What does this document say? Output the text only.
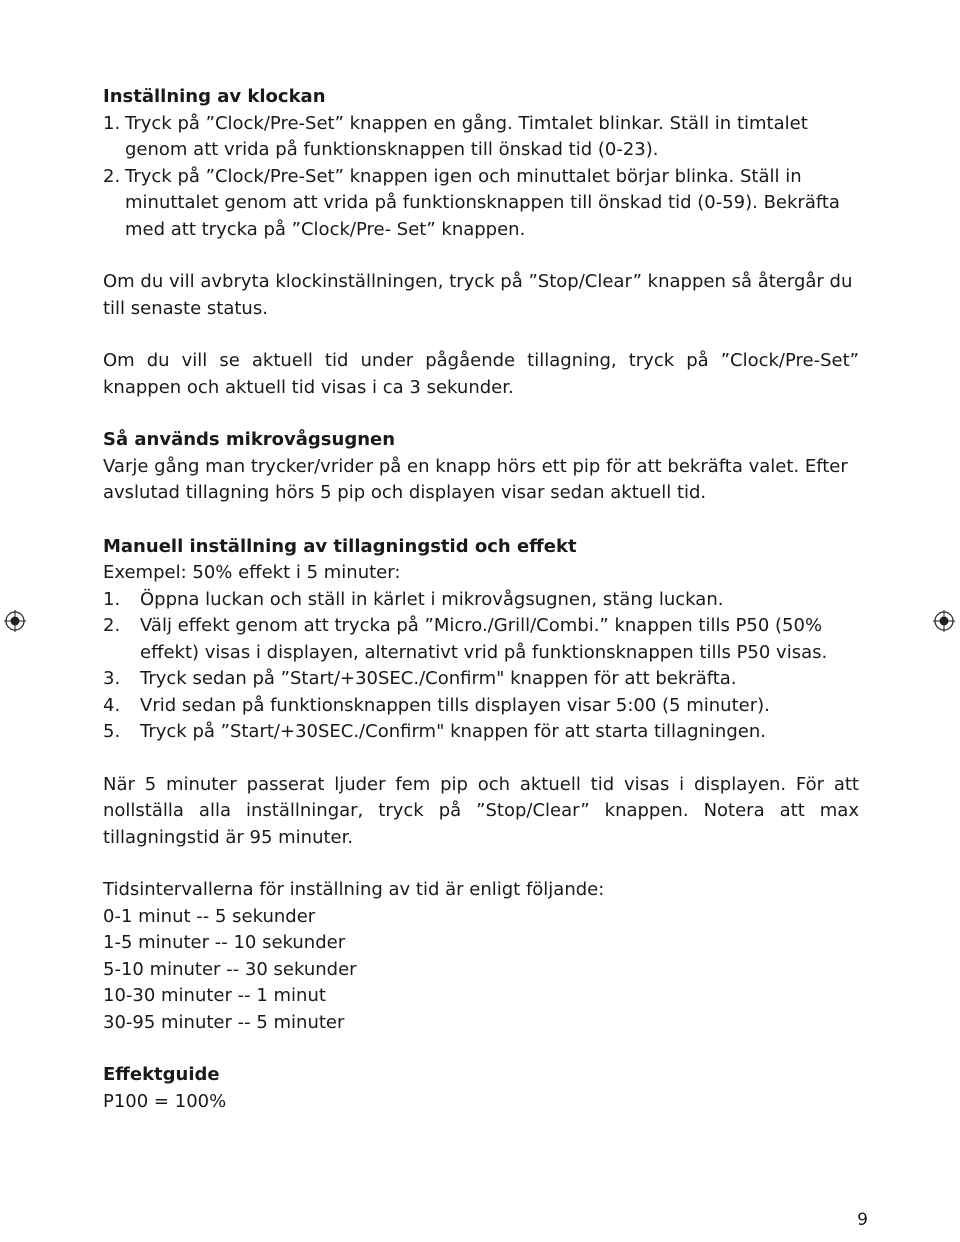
Inställning av klockan
1. Tryck på ”Clock/Pre-Set” knappen en gång. Timtalet blinkar. Ställ in timtalet genom att vrida på funktionsknappen till önskad tid (0-23).
2. Tryck på ”Clock/Pre-Set” knappen igen och minuttalet börjar blinka. Ställ in minuttalet genom att vrida på funktionsknappen till önskad tid (0-59). Bekräfta med att trycka på ”Clock/Pre- Set” knappen.

Om du vill avbryta klockinställningen, tryck på ”Stop/Clear” knappen så återgår du till senaste status.

Om du vill se aktuell tid under pågående tillagning, tryck på ”Clock/Pre-Set” knappen och aktuell tid visas i ca 3 sekunder.

Så används mikrovågsugnen

Varje gång man trycker/vrider på en knapp hörs ett pip för att bekräfta valet. Efter avslutad tillagning hörs 5 pip och displayen visar sedan aktuell tid.

Manuell inställning av tillagningstid och effekt

Exempel: 50% effekt i 5 minuter:

1. Öppna luckan och ställ in kärlet i mikrovågsugnen, stäng luckan.
2. Välj effekt genom att trycka på ”Micro./Grill/Combi.” knappen tills P50 (50% effekt) visas i displayen, alternativt vrid på funktionsknappen tills P50 visas.
3. Tryck sedan på ”Start/+30SEC./Confirm" knappen för att bekräfta.
4. Vrid sedan på funktionsknappen tills displayen visar 5:00 (5 minuter).
5. Tryck på ”Start/+30SEC./Confirm" knappen för att starta tillagningen.

När 5 minuter passerat ljuder fem pip och aktuell tid visas i displayen. För att nollställa alla inställningar, tryck på ”Stop/Clear” knappen. Notera att max tillagningstid är 95 minuter.

Tidsintervallerna för inställning av tid är enligt följande:

0-1 minut -- 5 sekunder
1-5 minuter -- 10 sekunder
5-10 minuter -- 30 sekunder
10-30 minuter -- 1 minut
30-95 minuter -- 5 minuter
Effektguide

P100 = 100%

9
